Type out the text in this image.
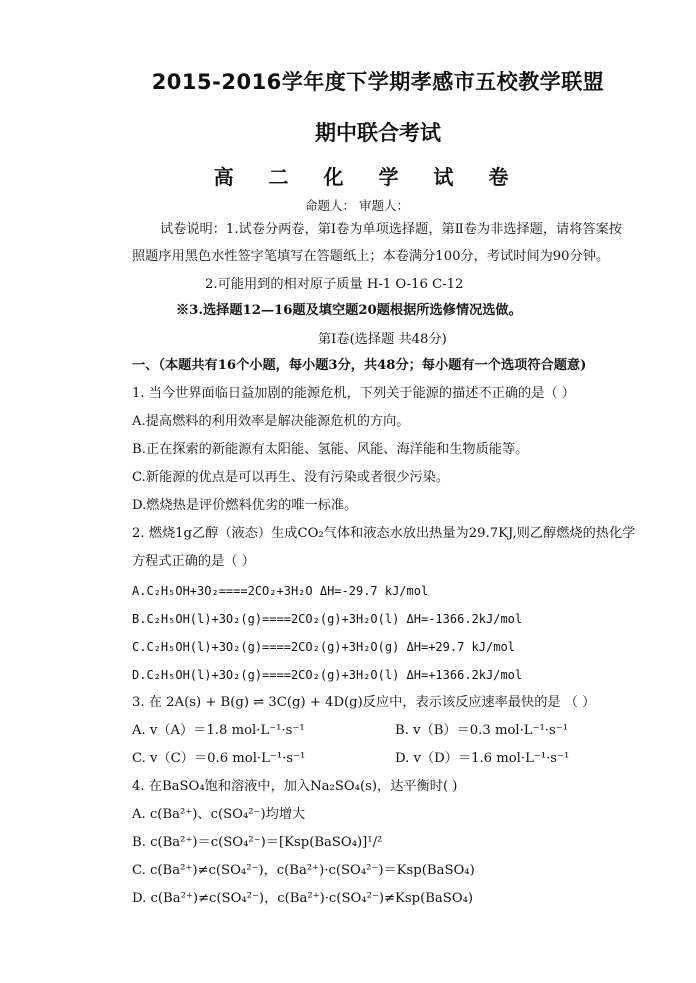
2015-2016学年度下学期孝感市五校教学联盟
期中联合考试
高 二 化 学 试 卷
命题人： 审题人：
试卷说明：1.试卷分两卷，第Ⅰ卷为单项选择题，第Ⅱ卷为非选择题，请将答案按
照题序用黑色水性签字笔填写在答题纸上；本卷满分100分，考试时间为90分钟。
2.可能用到的相对原子质量 H-1 O-16 C-12
※3.选择题12—16题及填空题20题根据所选修情况选做。
第Ⅰ卷(选择题 共48分)
一、（本题共有16个小题，每小题3分，共48分；每小题有一个选项符合题意)
1. 当今世界面临日益加剧的能源危机，下列关于能源的描述不正确的是（ ）
A.提高燃料的利用效率是解决能源危机的方向。
B.正在探索的新能源有太阳能、氢能、风能、海洋能和生物质能等。
C.新能源的优点是可以再生、没有污染或者很少污染。
D.燃烧热是评价燃料优劣的唯一标准。
2. 燃烧1g乙醇（液态）生成CO₂气体和液态水放出热量为29.7KJ,则乙醇燃烧的热化学
方程式正确的是（ ）
A.C₂H₅OH+3O₂====2CO₂+3H₂O ΔH=-29.7 kJ/mol
B.C₂H₅OH(l)+3O₂(g)====2CO₂(g)+3H₂O(l) ΔH=-1366.2kJ/mol
C.C₂H₅OH(l)+3O₂(g)====2CO₂(g)+3H₂O(g) ΔH=+29.7 kJ/mol
D.C₂H₅OH(l)+3O₂(g)====2CO₂(g)+3H₂O(l) ΔH=+1366.2kJ/mol
3. 在 2A(s) + B(g) ⇌ 3C(g) + 4D(g)反应中，表示该反应速率最快的是 （ ）
A. v（A）＝1.8 mol·L⁻¹·s⁻¹	B. v（B）＝0.3 mol·L⁻¹·s⁻¹
C. v（C）＝0.6 mol·L⁻¹·s⁻¹	D. v（D）＝1.6 mol·L⁻¹·s⁻¹
4. 在BaSO₄饱和溶液中，加入Na₂SO₄(s)，达平衡时( )
A. c(Ba²⁺)、c(SO₄²⁻)均增大
B. c(Ba²⁺)＝c(SO₄²⁻)＝[Ksp(BaSO₄)]¹/²
C. c(Ba²⁺)≠c(SO₄²⁻)，c(Ba²⁺)·c(SO₄²⁻)＝Ksp(BaSO₄)
D. c(Ba²⁺)≠c(SO₄²⁻)，c(Ba²⁺)·c(SO₄²⁻)≠Ksp(BaSO₄)
